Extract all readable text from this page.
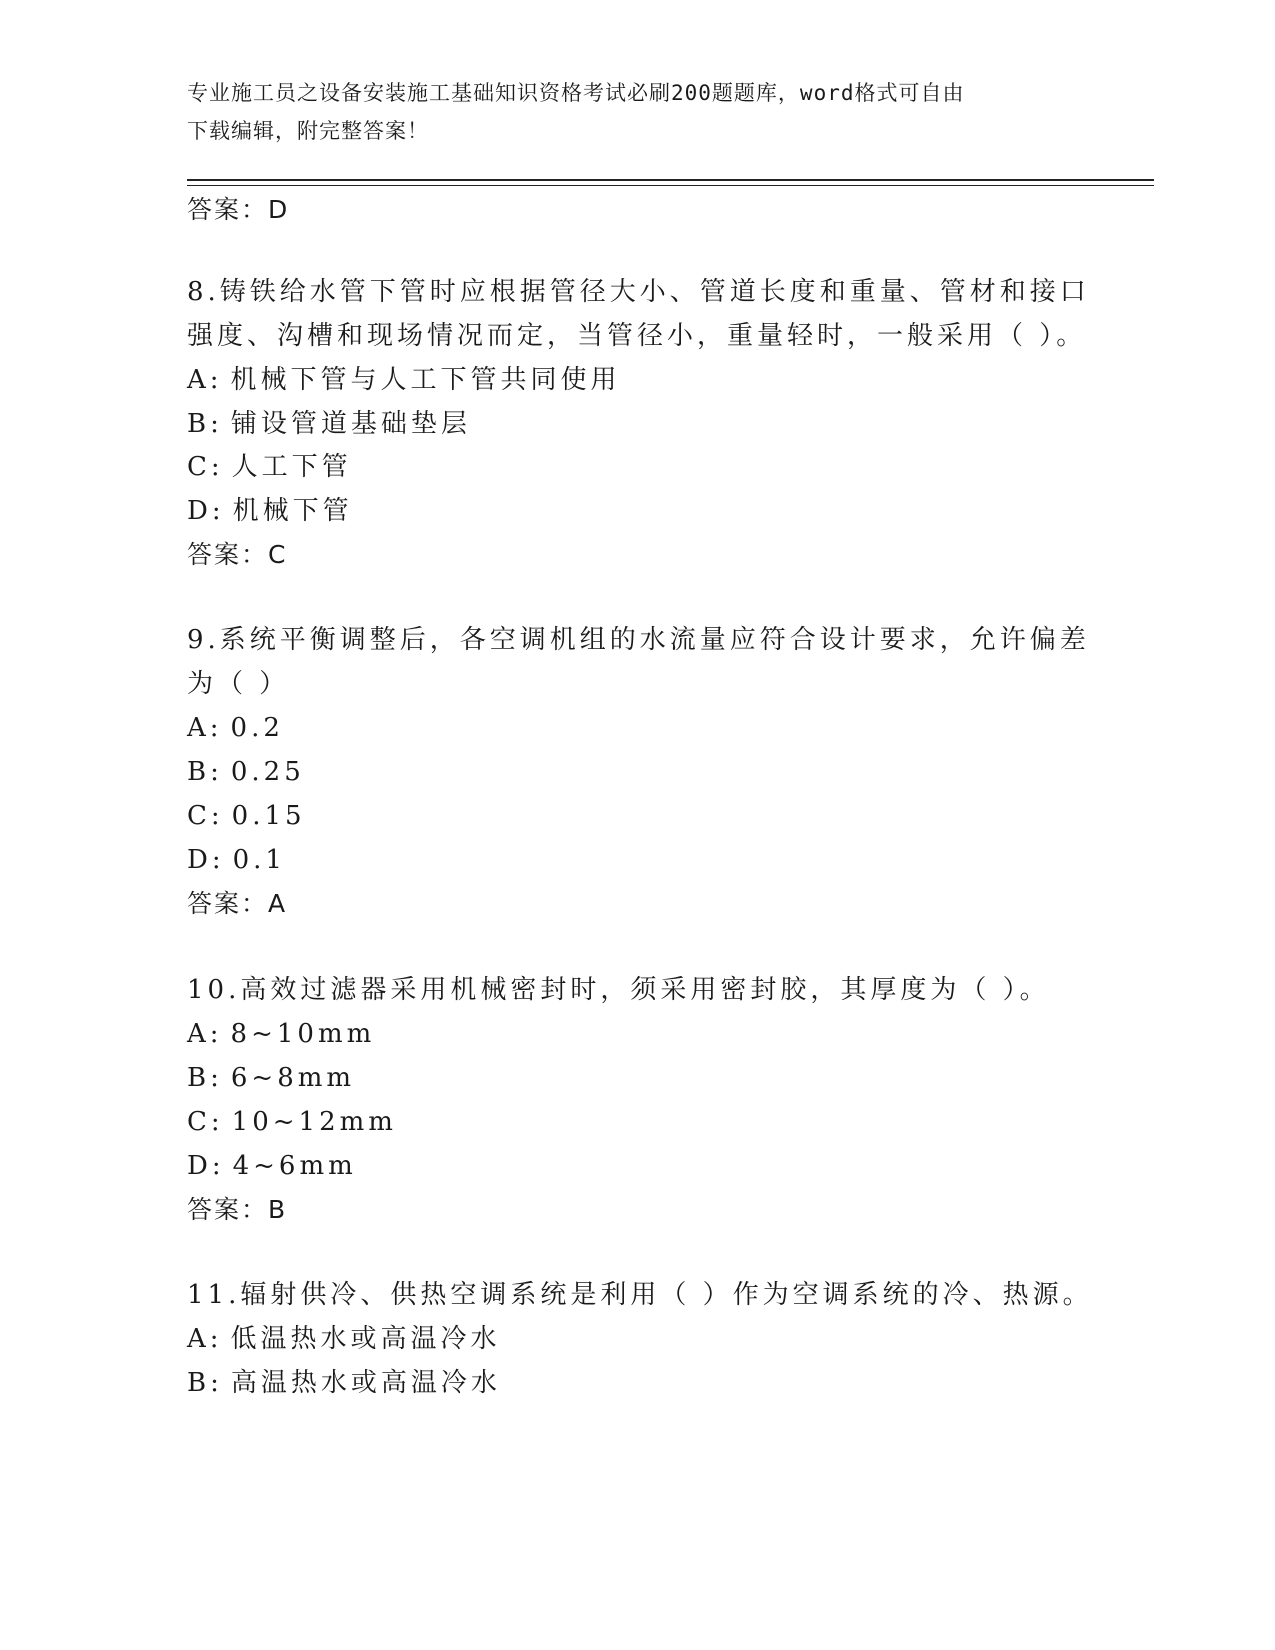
专业施工员之设备安装施工基础知识资格考试必刷200题题库，word格式可自由
下载编辑，附完整答案！
答案：D
8.铸铁给水管下管时应根据管径大小、管道长度和重量、管材和接口
强度、沟槽和现场情况而定，当管径小，重量轻时，一般采用（ ）。
A: 机械下管与人工下管共同使用
B: 铺设管道基础垫层
C: 人工下管
D: 机械下管
答案：C
9.系统平衡调整后，各空调机组的水流量应符合设计要求，允许偏差
为（ ）
A: 0.2
B: 0.25
C: 0.15
D: 0.1
答案：A
10.高效过滤器采用机械密封时，须采用密封胶，其厚度为（ ）。
A: 8~10mm
B: 6~8mm
C: 10~12mm
D: 4~6mm
答案：B
11.辐射供冷、供热空调系统是利用（ ）作为空调系统的冷、热源。
A: 低温热水或高温冷水
B: 高温热水或高温冷水
